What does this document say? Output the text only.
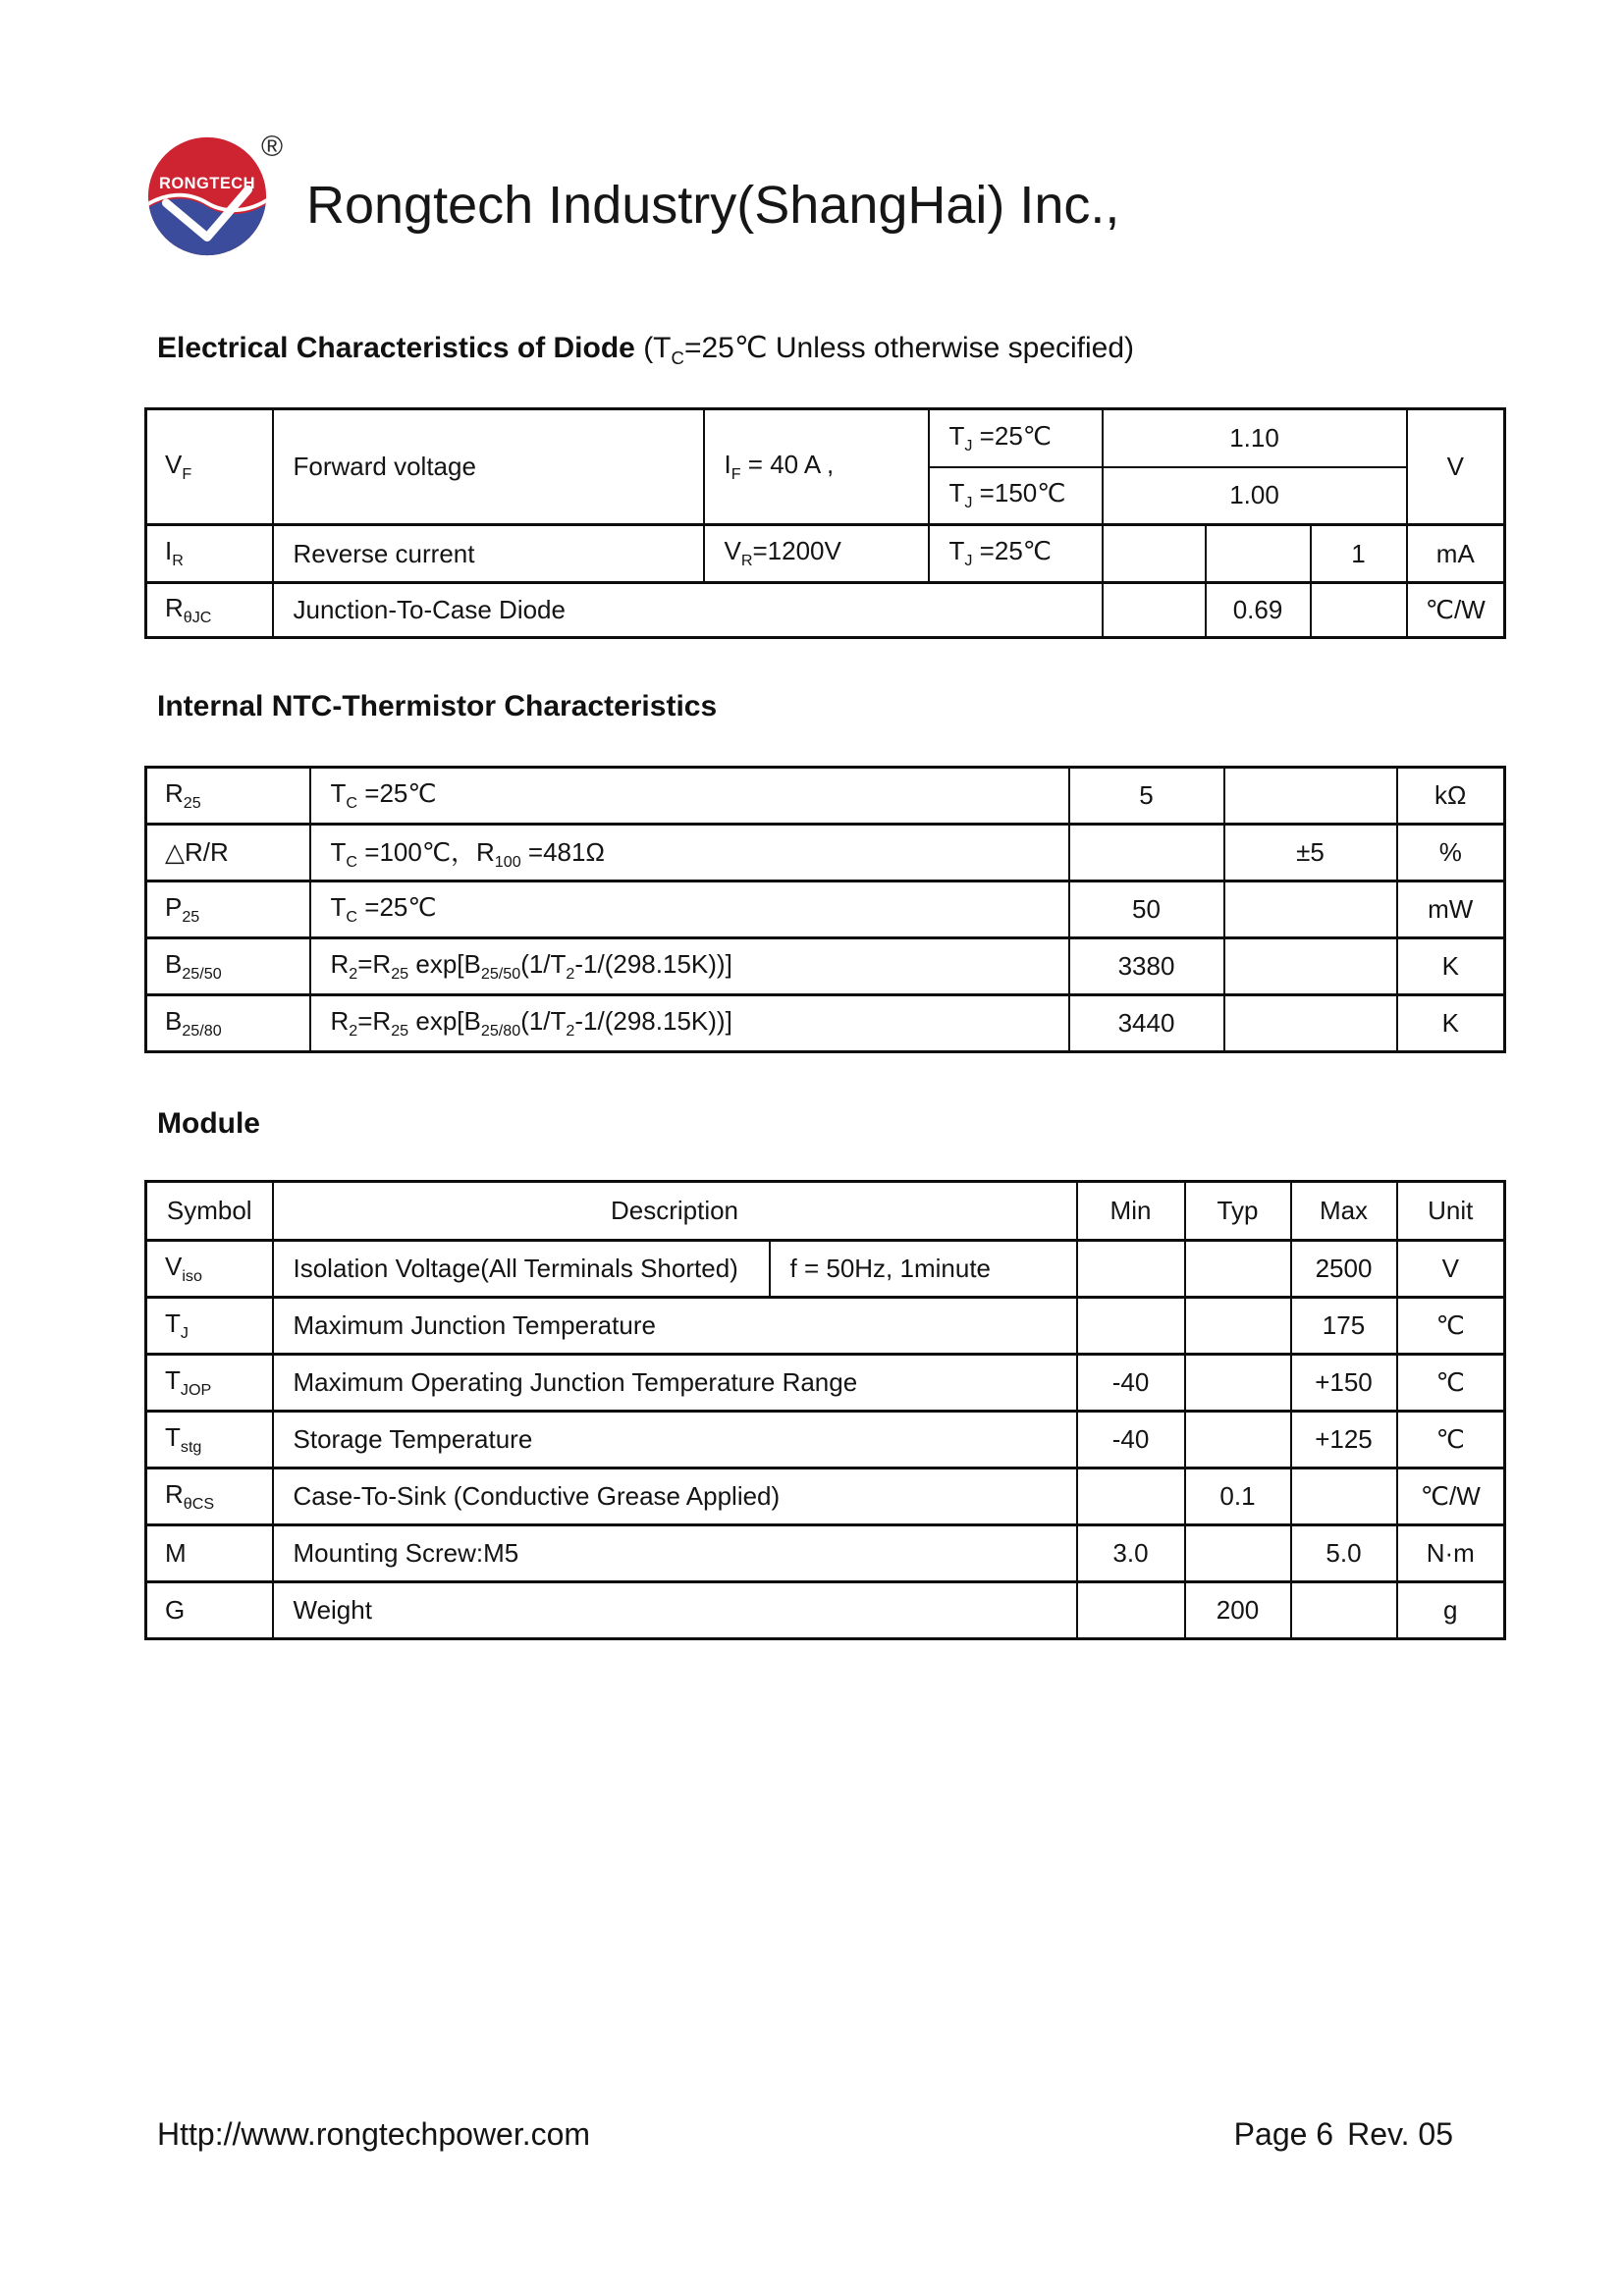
RONGTECH
®
Rongtech Industry(ShangHai) Inc.,
Electrical Characteristics of Diode ($T_C=25℃$ Unless otherwise specified)
$V_F$	Forward voltage	$I_F = 40$ A ,	$T_J$ =25℃	1.10			V
			$T_J$ =150℃	1.00			
$I_R$	Reverse current	$V_R=1200V$	$T_J$ =25℃			1	mA
$R_{\theta JC}$	Junction-To-Case Diode				0.69		℃/W
Internal NTC-Thermistor Characteristics
$R_{25}$	$T_C$ =25℃	5		kΩ
△R/R	$T_C$ =100℃，$R_{100} =481\Omega$		±5	%
$P_{25}$	$T_C$ =25℃	50		mW
$B_{25/50}$	$R_2=R_{25}$ $\exp[B_{25/50}(1/T_2-1/(298.15K))]$	3380		K
$B_{25/80}$	$R_2=R_{25}$ $\exp[B_{25/80}(1/T_2-1/(298.15K))]$	3440		K
Module
Symbol	Description		Min	Typ	Max	Unit
$V_{iso}$	Isolation Voltage(All Terminals Shorted)	f = 50Hz, 1minute			2500	V
$T_J$	Maximum Junction Temperature				175	℃
$T_{JOP}$	Maximum Operating Junction Temperature Range		-40		+150	℃
$T_{stg}$	Storage Temperature		-40		+125	℃
$R_{\theta CS}$	Case-To-Sink (Conductive Grease Applied)			0.1		℃/W
M	Mounting Screw:M5		3.0		5.0	N·m
G	Weight			200		g
Http://www.rongtechpower.com	Page 6 Rev. 05
